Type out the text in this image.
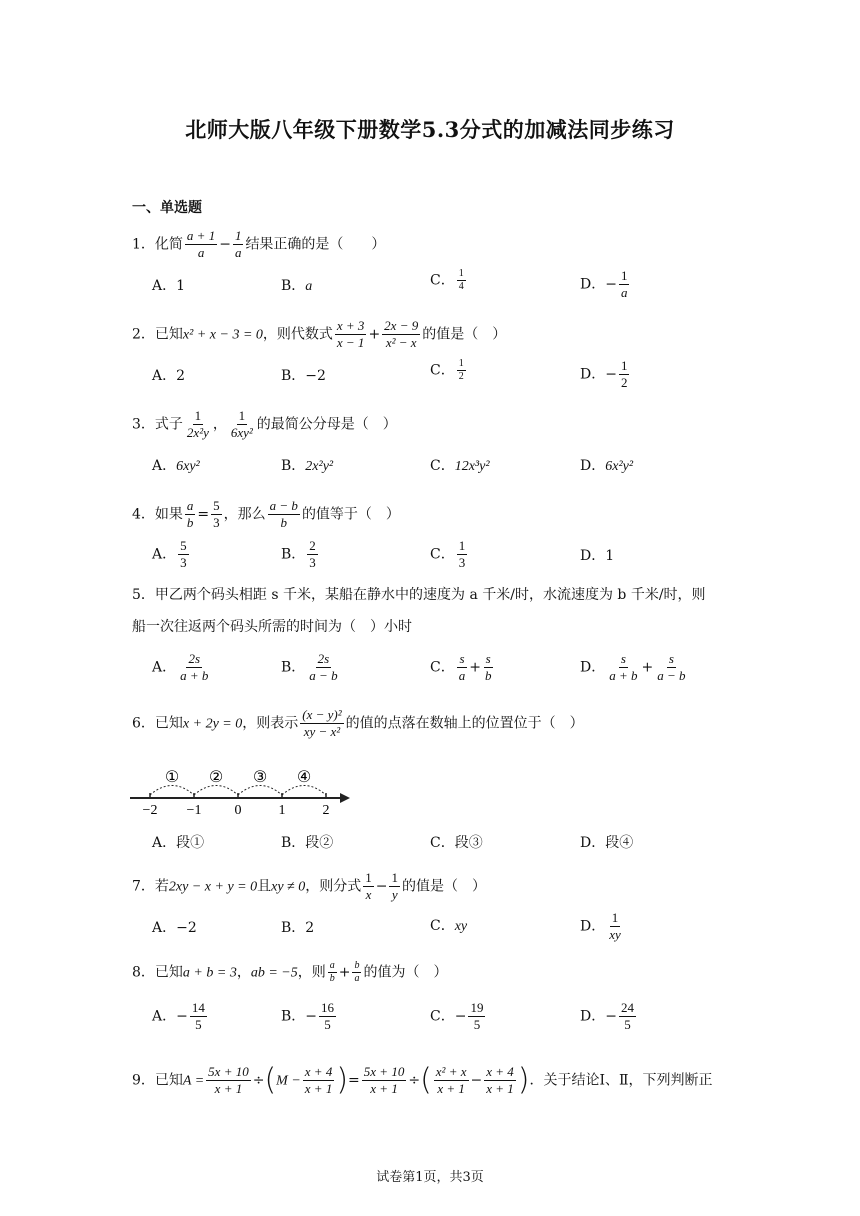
北师大版八年级下册数学5.3分式的加减法同步练习
一、单选题
1．化简 $\frac{a + 1}{a} - \frac{1}{a}$ 结果正确的是（　　）
A．1	B．a	C． $\frac{1}{4}$	D．− $\frac{1}{a}$
2．已知x² + x − 3 = 0，则代数式 $\frac{x + 3}{x - 1} + \frac{2x - 9}{\text{x² − x}}$ 的值是（　）
A．2	B．−2	C． $\frac{1}{2}$	D．− $\frac{1}{2}$
3．式子 $\frac{1}{\text{2x²y}}$ ， $\frac{1}{\text{6xy²}}$ 的最简公分母是（　）
A．6xy²	B．2x²y²	C．12x³y²	D．6x²y²
4．如果 $\frac{a}{b} = \frac{5}{3}$ ，那么 $\frac{a - b}{b}$ 的值等于（　）
A． $\frac{5}{3}$	B． $\frac{2}{3}$	C． $\frac{1}{3}$	D．1
5．甲乙两个码头相距 s 千米，某船在静水中的速度为 a 千米/时，水流速度为 b 千米/时，则
船一次往返两个码头所需的时间为（　）小时
A． $\frac{2s}{a + b}$	B． $\frac{2s}{a - b}$	C． $\frac{s}{a} + \frac{s}{b}$	D． $\frac{s}{a + b} + \frac{s}{a - b}$
6．已知x + 2y = 0，则表示 $\frac{\text{(x − y)²}}{\text{xy − x²}}$ 的值的点落在数轴上的位置位于（　）
−2 −1 0	1	2
① ② ③ ④
A．段①	B．段②	C．段③	D．段④
7．若2xy − x + y = 0且xy ≠ 0，则分式 $\frac{1}{x} - \frac{1}{y}$ 的值是（　）
A．−2	B．2	C．xy	D． $\frac{1}{xy}$
8．已知a + b = 3，ab = −5，则 $\frac{a}{b} + \frac{b}{a}$ 的值为（　）
A．− $\frac{14}{5}$	B．− $\frac{16}{5}$	C．− $\frac{19}{5}$	D．− $\frac{24}{5}$
9．已知$A = \frac{5x + 10}{x + 1} \div(M - \frac{x + 4}{x + 1}$ )= $\frac{5x + 10}{x + 1}$ ÷( $\frac{\text{x² + x}}{x + 1} - \frac{x + 4}{x + 1}$ )．关于结论Ⅰ、Ⅱ，下列判断正
试卷第1页，共3页
